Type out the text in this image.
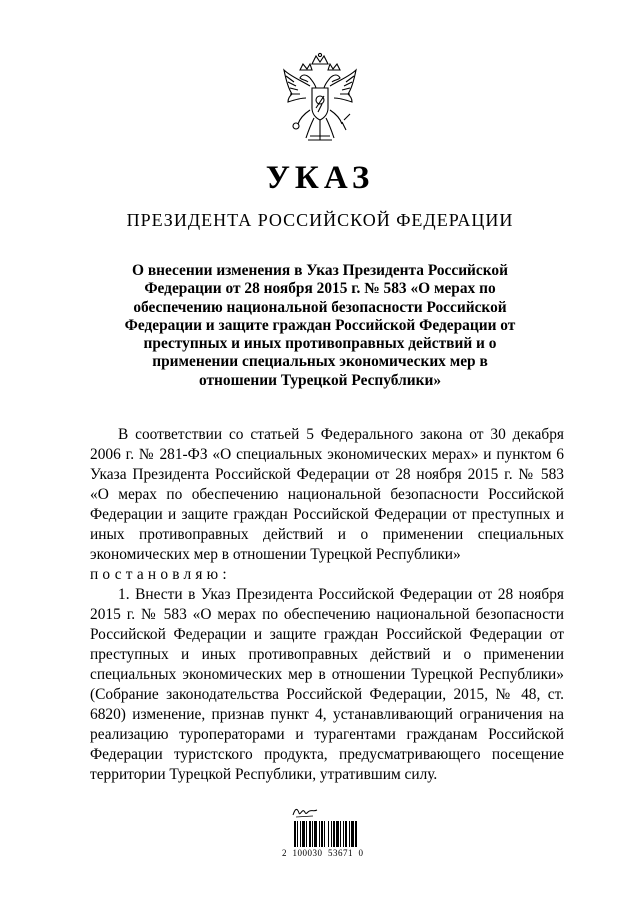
УКАЗ
ПРЕЗИДЕНТА РОССИЙСКОЙ ФЕДЕРАЦИИ
О внесении изменения в Указ Президента Российской
Федерации от 28 ноября 2015 г. № 583 «О мерах по
обеспечению национальной безопасности Российской
Федерации и защите граждан Российской Федерации от
преступных и иных противоправных действий и о
применении специальных экономических мер в
отношении Турецкой Республики»

В соответствии со статьей 5 Федерального закона от 30 декабря 2006 г. № 281-ФЗ «О специальных экономических мерах» и пунктом 6 Указа Президента Российской Федерации от 28 ноября 2015 г. № 583 «О мерах по обеспечению национальной безопасности Российской Федерации и защите граждан Российской Федерации от преступных и иных противоправных действий и о применении специальных экономических мер в отношении Турецкой Республики»

постановляю:

1. Внести в Указ Президента Российской Федерации от 28 ноября 2015 г. № 583 «О мерах по обеспечению национальной безопасности Российской Федерации и защите граждан Российской Федерации от преступных и иных противоправных действий и о применении специальных экономических мер в отношении Турецкой Республики» (Собрание законодательства Российской Федерации, 2015, № 48, ст. 6820) изменение, признав пункт 4, устанавливающий ограничения на реализацию туроператорами и турагентами гражданам Российской Федерации туристского продукта, предусматривающего посещение территории Турецкой Республики, утратившим силу.

2  100030  53671  0
